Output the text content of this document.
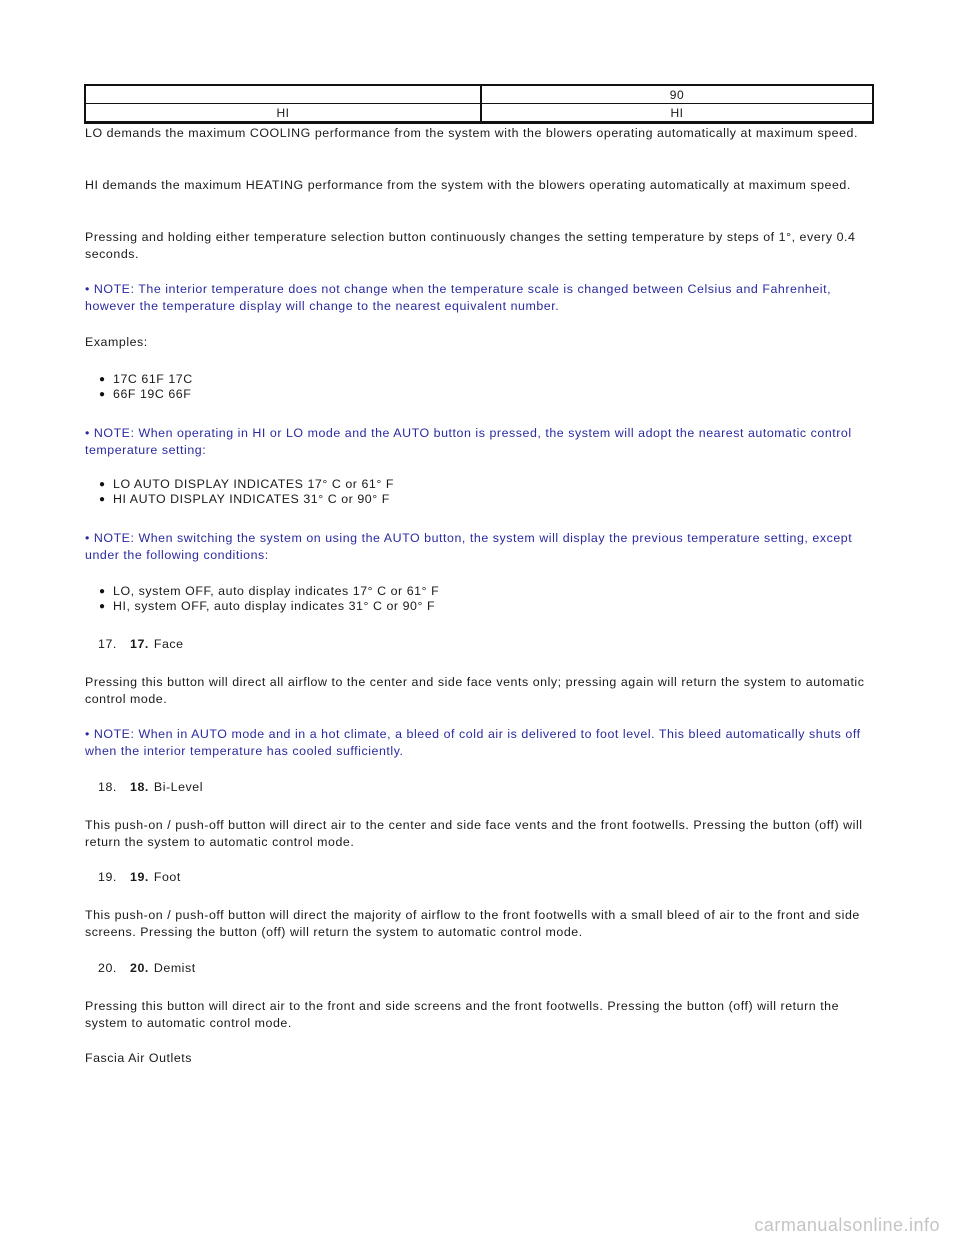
	90
HI	HI

LO demands the maximum COOLING performance from the system with the blowers operating automatically at maximum speed.

HI demands the maximum HEATING performance from the system with the blowers operating automatically at maximum speed.

Pressing and holding either temperature selection button continuously changes the setting temperature by steps of 1°, every 0.4 seconds.

• NOTE: The interior temperature does not change when the temperature scale is changed between Celsius and Fahrenheit, however the temperature display will change to the nearest equivalent number.

Examples:

● 17C 61F 17C

● 66F 19C 66F

• NOTE: When operating in HI or LO mode and the AUTO button is pressed, the system will adopt the nearest automatic control temperature setting:

● LO AUTO DISPLAY INDICATES 17° C or 61° F

● HI AUTO DISPLAY INDICATES 31° C or 90° F

• NOTE: When switching the system on using the AUTO button, the system will display the previous temperature setting, except under the following conditions:

● LO, system OFF, auto display indicates 17° C or 61° F

● HI, system OFF, auto display indicates 31° C or 90° F

17. 17. Face

Pressing this button will direct all airflow to the center and side face vents only; pressing again will return the system to automatic control mode.

• NOTE: When in AUTO mode and in a hot climate, a bleed of cold air is delivered to foot level. This bleed automatically shuts off when the interior temperature has cooled sufficiently.

18. 18. Bi-Level

This push-on / push-off button will direct air to the center and side face vents and the front footwells. Pressing the button (off) will return the system to automatic control mode.

19. 19. Foot

This push-on / push-off button will direct the majority of airflow to the front footwells with a small bleed of air to the front and side screens. Pressing the button (off) will return the system to automatic control mode.

20. 20. Demist

Pressing this button will direct air to the front and side screens and the front footwells. Pressing the button (off) will return the system to automatic control mode.

Fascia Air Outlets

carmanualsonline.info
